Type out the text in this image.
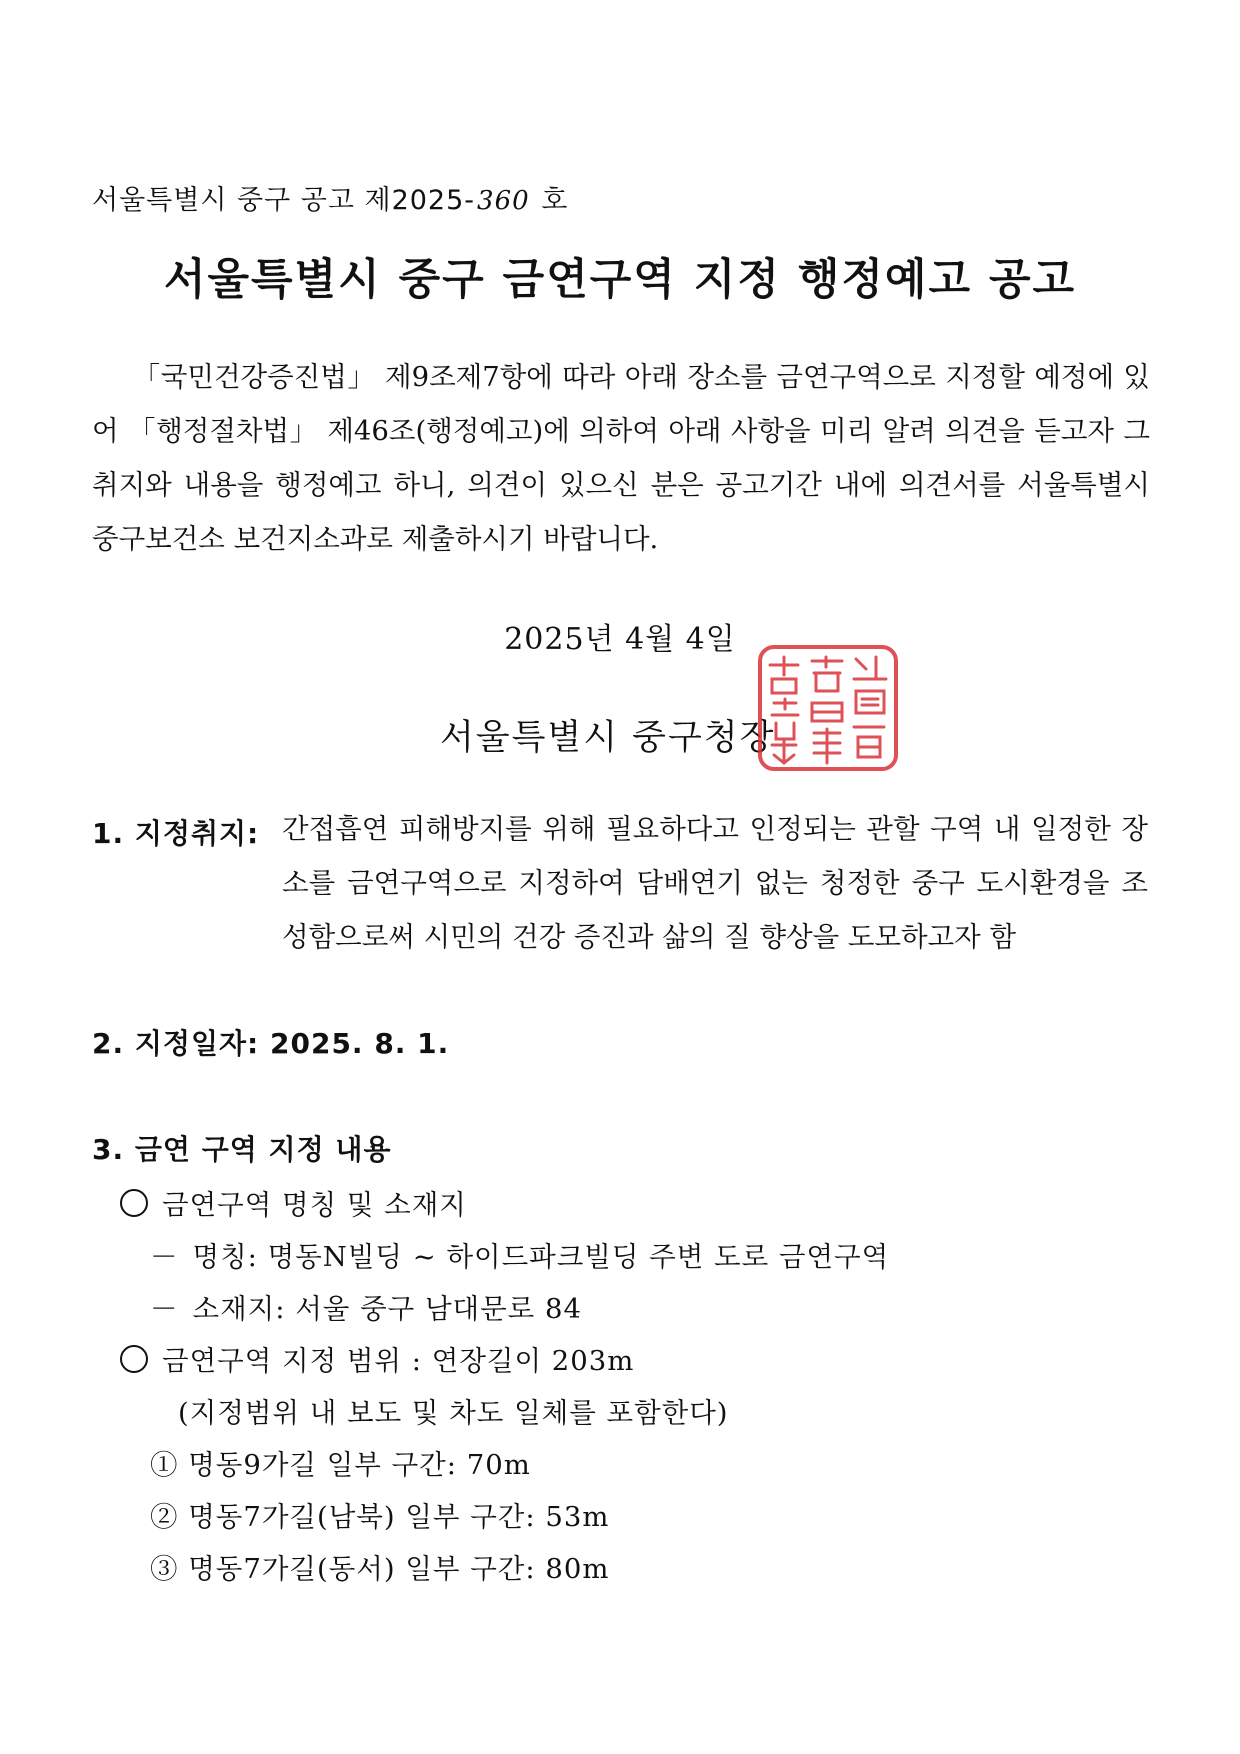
서울특별시 중구 공고 제2025-360 호
서울특별시 중구 금연구역 지정 행정예고 공고
「국민건강증진법」 제9조제7항에 따라 아래 장소를 금연구역으로 지정할 예정에 있어 「행정절차법」 제46조(행정예고)에 의하여 아래 사항을 미리 알려 의견을 듣고자 그 취지와 내용을 행정예고 하니, 의견이 있으신 분은 공고기간 내에 의견서를 서울특별시 중구보건소 보건지소과로 제출하시기 바랍니다.
2025년 4월 4일
서울특별시 중구청장
1. 지정취지: 간접흡연 피해방지를 위해 필요하다고 인정되는 관할 구역 내 일정한 장소를 금연구역으로 지정하여 담배연기 없는 청정한 중구 도시환경을 조성함으로써 시민의 건강 증진과 삶의 질 향상을 도모하고자 함
2. 지정일자: 2025. 8. 1.
3. 금연 구역 지정 내용
금연구역 명칭 및 소재지
－ 명칭: 명동N빌딩 ~ 하이드파크빌딩 주변 도로 금연구역
－ 소재지: 서울 중구 남대문로 84
금연구역 지정 범위 : 연장길이 203m
(지정범위 내 보도 및 차도 일체를 포함한다)
① 명동9가길 일부 구간: 70m
② 명동7가길(남북) 일부 구간: 53m
③ 명동7가길(동서) 일부 구간: 80m
